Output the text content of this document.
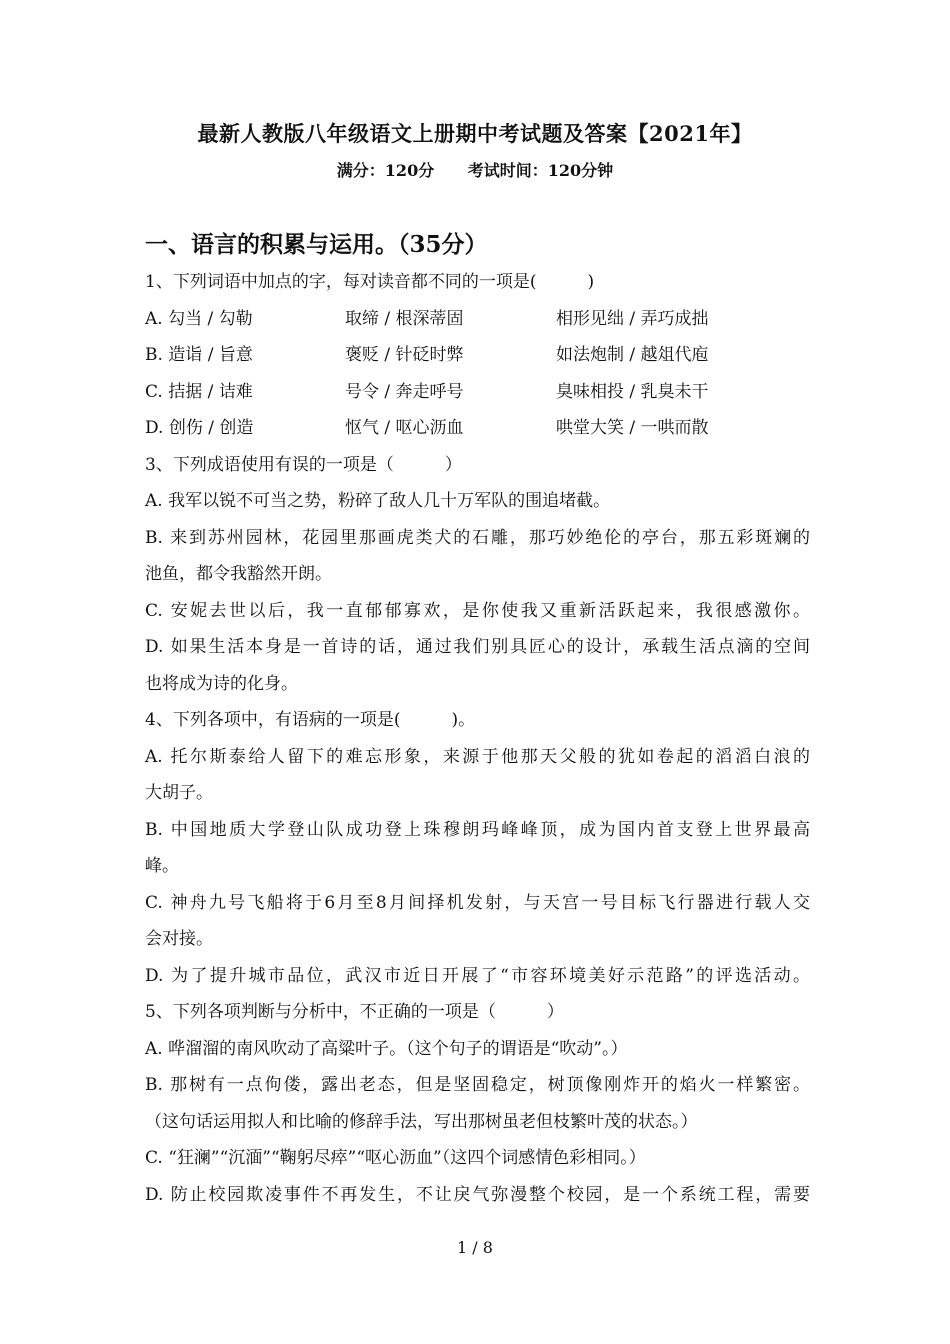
最新人教版八年级语文上册期中考试题及答案【2021年】
满分：120分 考试时间：120分钟
一、语言的积累与运用。（35分）
1、下列词语中加点的字，每对读音都不同的一项是(　　　)
A. 勾当 / 勾勒	取缔 / 根深蒂固	相形见绌 / 弄巧成拙
B. 造诣 / 旨意	褒贬 / 针砭时弊	如法炮制 / 越俎代庖
C. 拮据 / 诘难	号令 / 奔走呼号	臭味相投 / 乳臭未干
D. 创伤 / 创造	怄气 / 呕心沥血	哄堂大笑 / 一哄而散
3、下列成语使用有误的一项是（　　　）
A. 我军以锐不可当之势，粉碎了敌人几十万军队的围追堵截。
B. 来到苏州园林，花园里那画虎类犬的石雕，那巧妙绝伦的亭台，那五彩斑斓的
池鱼，都令我豁然开朗。
C. 安妮去世以后，我一直郁郁寡欢，是你使我又重新活跃起来，我很感激你。
D. 如果生活本身是一首诗的话，通过我们别具匠心的设计，承载生活点滴的空间
也将成为诗的化身。
4、下列各项中，有语病的一项是(　　　)。
A. 托尔斯泰给人留下的难忘形象，来源于他那天父般的犹如卷起的滔滔白浪的
大胡子。
B. 中国地质大学登山队成功登上珠穆朗玛峰峰顶，成为国内首支登上世界最高
峰。
C. 神舟九号飞船将于6月至8月间择机发射，与天宫一号目标飞行器进行载人交
会对接。
D. 为了提升城市品位，武汉市近日开展了“市容环境美好示范路”的评选活动。
5、下列各项判断与分析中，不正确的一项是（　　　）
A. 哗溜溜的南风吹动了高粱叶子。（这个句子的谓语是“吹动”。）
B. 那树有一点佝偻，露出老态，但是坚固稳定，树顶像刚炸开的焰火一样繁密。
（这句话运用拟人和比喻的修辞手法，写出那树虽老但枝繁叶茂的状态。）
C. “狂澜”“沉湎”“鞠躬尽瘁”“呕心沥血”（这四个词感情色彩相同。）
D. 防止校园欺凌事件不再发生，不让戾气弥漫整个校园，是一个系统工程，需要
1 / 8
